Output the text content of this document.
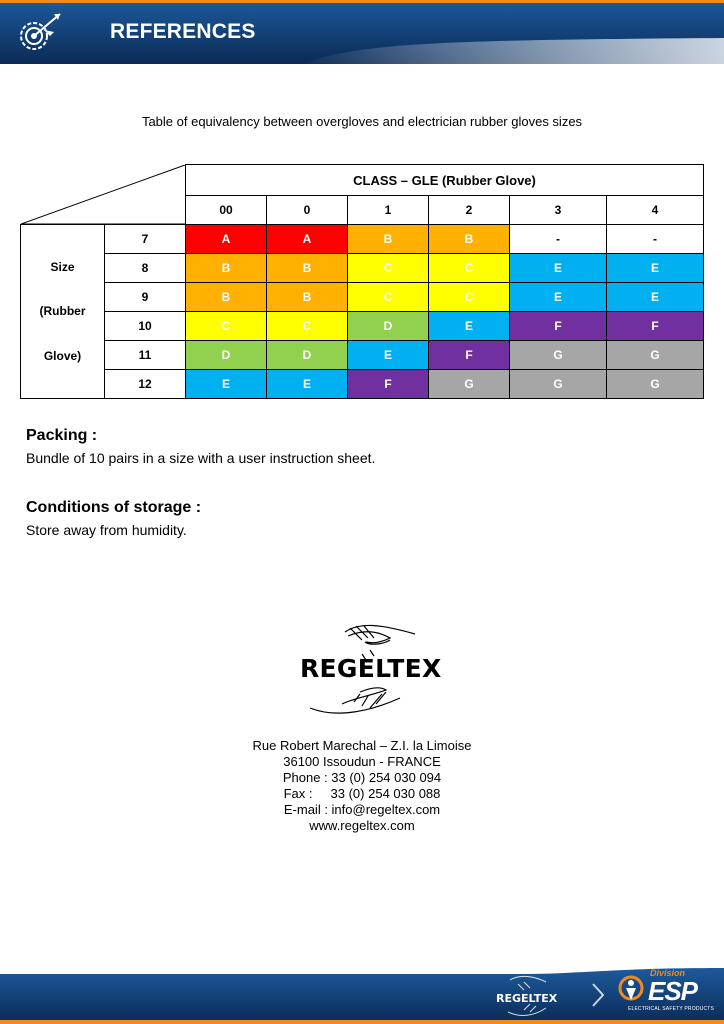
REFERENCES
Table of equivalency between overgloves and electrician rubber gloves sizes
	CLASS – GLE (Rubber Glove)					
		00	0	1	2	3	4

Size
(Rubber
Glove)	7	A	A	B	B	-	-
	8	B	B	C	C	E	E
	9	B	B	C	C	E	E
	10	C	C	D	E	F	F
	11	D	D	E	F	G	G
	12	E	E	F	G	G	G
Packing :
Bundle of 10 pairs in a size with a user instruction sheet.
Conditions of storage :
Store away from humidity.
REGELTEX
Rue Robert Marechal – Z.I. la Limoise
36100 Issoudun - FRANCE
Phone : 33 (0) 254 030 094
Fax :     33 (0) 254 030 088
E-mail : info@regeltex.com
www.regeltex.com
REGELTEX
Division
ESP
ELECTRICAL SAFETY PRODUCTS
